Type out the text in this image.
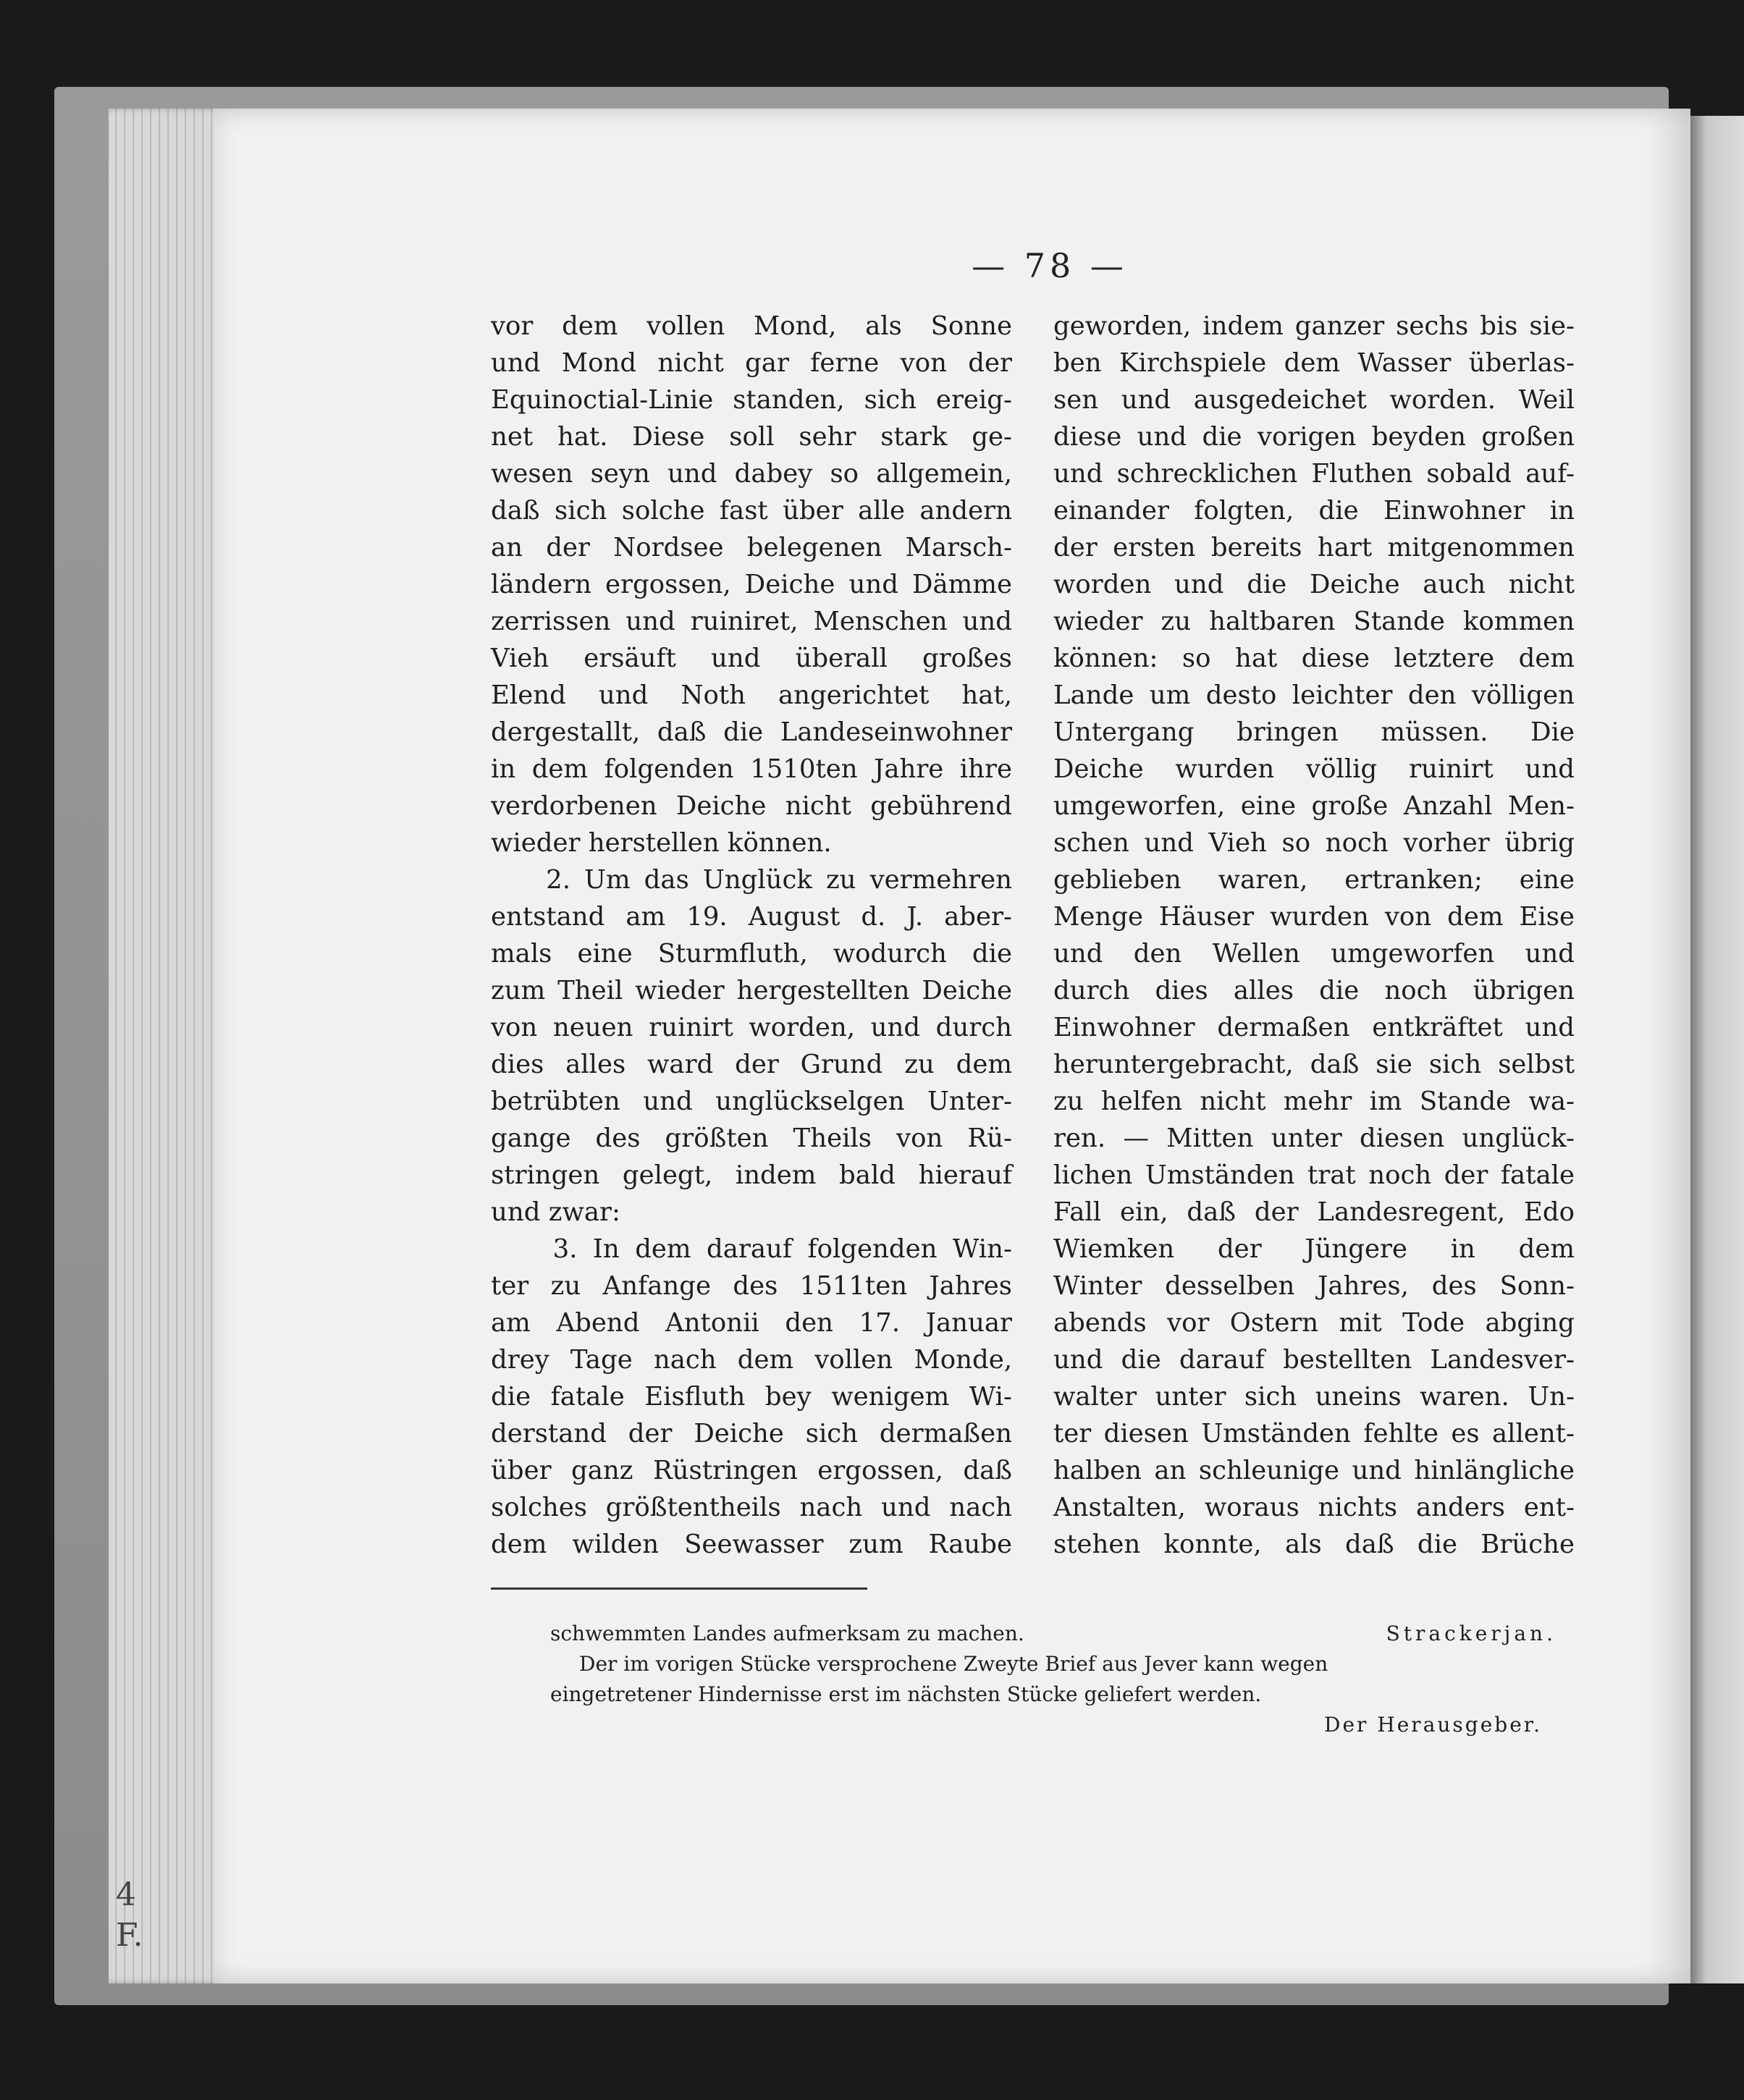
4
F.
— 78 —
vor dem vollen Mond, als Sonne
und Mond nicht gar ferne von der
Equinoctial-Linie standen, sich ereig-
net hat. Diese soll sehr stark ge-
wesen seyn und dabey so allgemein,
daß sich solche fast über alle andern
an der Nordsee belegenen Marsch-
ländern ergossen, Deiche und Dämme
zerrissen und ruiniret, Menschen und
Vieh ersäuft und überall großes
Elend und Noth angerichtet hat,
dergestallt, daß die Landeseinwohner
in dem folgenden 1510ten Jahre ihre
verdorbenen Deiche nicht gebührend
wieder herstellen können.
2. Um das Unglück zu vermehren
entstand am 19. August d. J. aber-
mals eine Sturmfluth, wodurch die
zum Theil wieder hergestellten Deiche
von neuen ruinirt worden, und durch
dies alles ward der Grund zu dem
betrübten und unglückselgen Unter-
gange des größten Theils von Rü-
stringen gelegt, indem bald hierauf
und zwar:
3. In dem darauf folgenden Win-
ter zu Anfange des 1511ten Jahres
am Abend Antonii den 17. Januar
drey Tage nach dem vollen Monde,
die fatale Eisfluth bey wenigem Wi-
derstand der Deiche sich dermaßen
über ganz Rüstringen ergossen, daß
solches größtentheils nach und nach
dem wilden Seewasser zum Raube
geworden, indem ganzer sechs bis sie-
ben Kirchspiele dem Wasser überlas-
sen und ausgedeichet worden. Weil
diese und die vorigen beyden großen
und schrecklichen Fluthen sobald auf-
einander folgten, die Einwohner in
der ersten bereits hart mitgenommen
worden und die Deiche auch nicht
wieder zu haltbaren Stande kommen
können: so hat diese letztere dem
Lande um desto leichter den völligen
Untergang bringen müssen. Die
Deiche wurden völlig ruinirt und
umgeworfen, eine große Anzahl Men-
schen und Vieh so noch vorher übrig
geblieben waren, ertranken; eine
Menge Häuser wurden von dem Eise
und den Wellen umgeworfen und
durch dies alles die noch übrigen
Einwohner dermaßen entkräftet und
heruntergebracht, daß sie sich selbst
zu helfen nicht mehr im Stande wa-
ren. — Mitten unter diesen unglück-
lichen Umständen trat noch der fatale
Fall ein, daß der Landesregent, Edo
Wiemken der Jüngere in dem
Winter desselben Jahres, des Sonn-
abends vor Ostern mit Tode abging
und die darauf bestellten Landesver-
walter unter sich uneins waren. Un-
ter diesen Umständen fehlte es allent-
halben an schleunige und hinlängliche
Anstalten, woraus nichts anders ent-
stehen konnte, als daß die Brüche
schwemmten Landes aufmerksam zu machen.	Strackerjan.
Der im vorigen Stücke versprochene Zweyte Brief aus Jever kann wegen
eingetretener Hindernisse erst im nächsten Stücke geliefert werden.
Der Herausgeber.
